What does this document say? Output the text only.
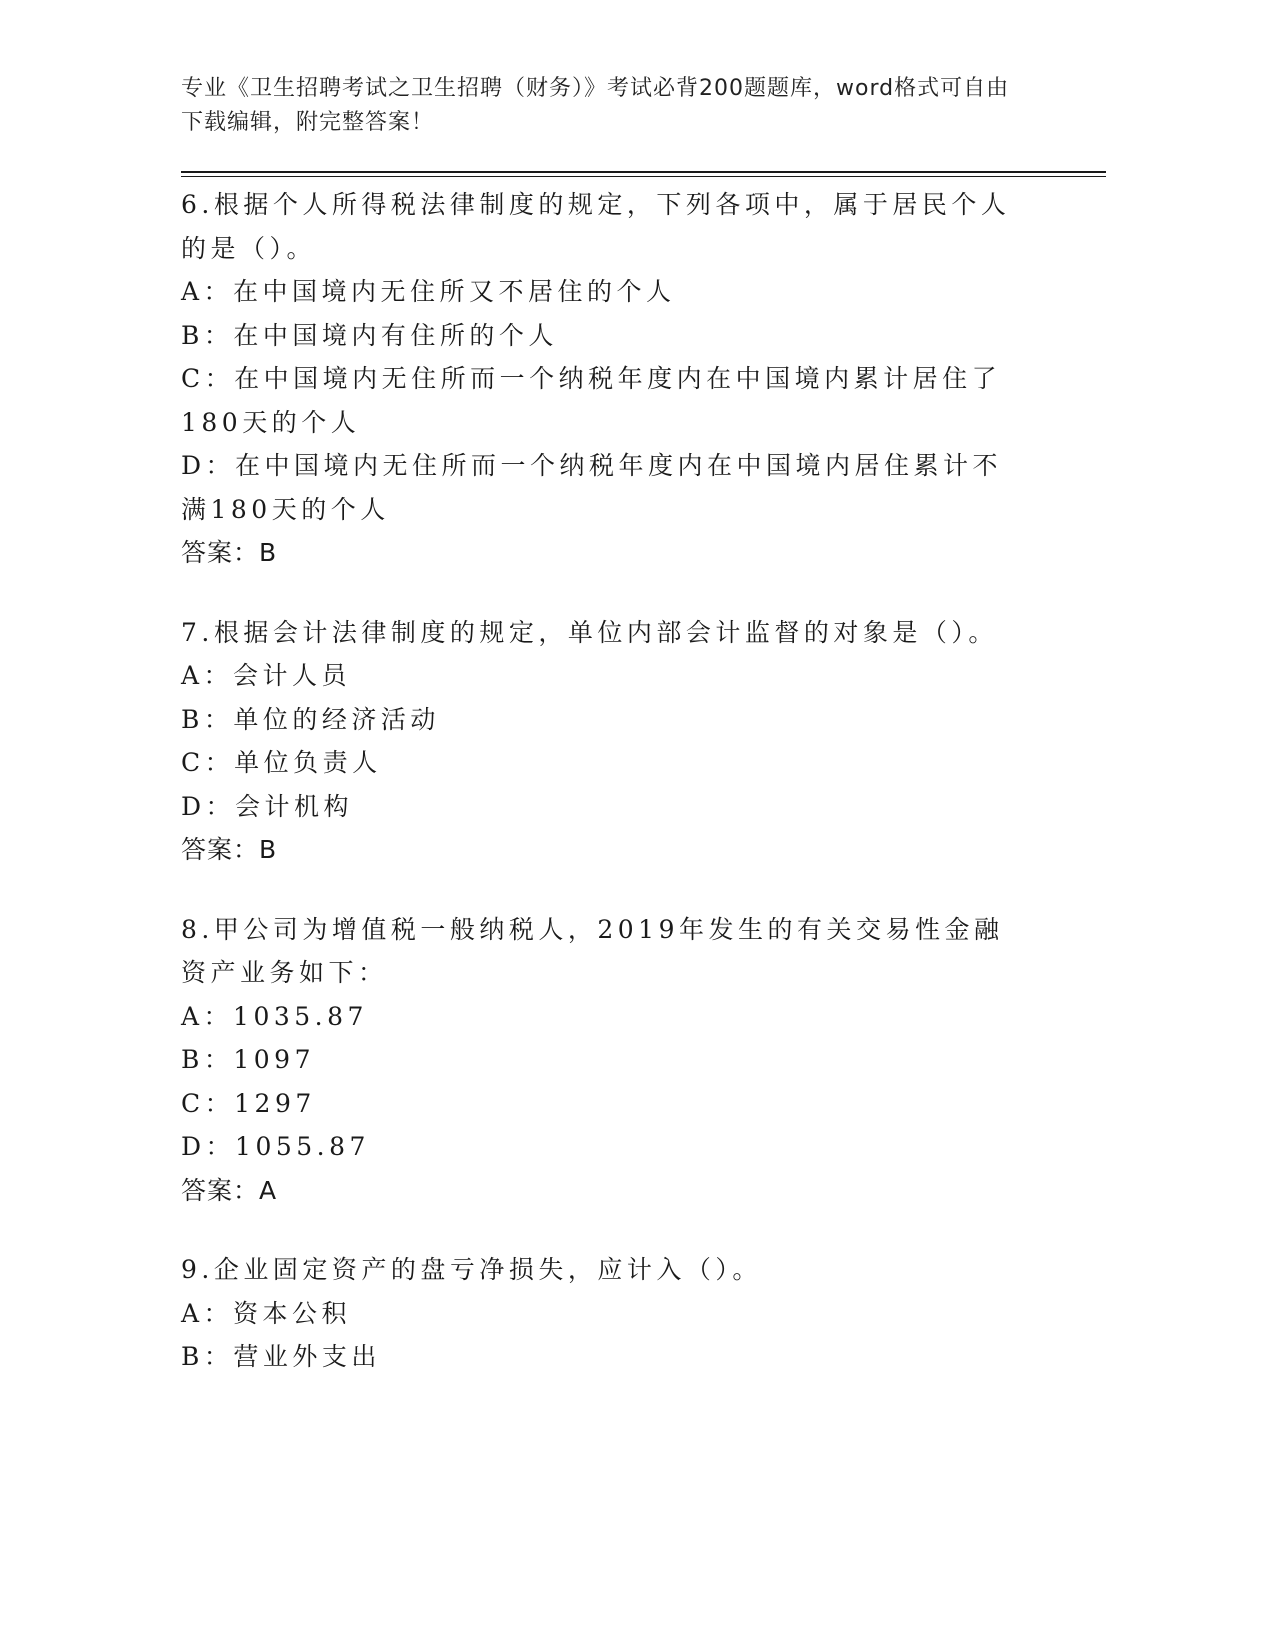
专业《卫生招聘考试之卫生招聘（财务）》考试必背200题题库，word格式可自由下载编辑，附完整答案！

6.根据个人所得税法律制度的规定，下列各项中，属于居民个人的是（）。

A：在中国境内无住所又不居住的个人

B：在中国境内有住所的个人

C：在中国境内无住所而一个纳税年度内在中国境内累计居住了180天的个人

D：在中国境内无住所而一个纳税年度内在中国境内居住累计不满180天的个人

答案：B

7.根据会计法律制度的规定，单位内部会计监督的对象是（）。

A：会计人员

B：单位的经济活动

C：单位负责人

D：会计机构

答案：B

8.甲公司为增值税一般纳税人，2019年发生的有关交易性金融资产业务如下：

A：1035.87

B：1097

C：1297

D：1055.87

答案：A

9.企业固定资产的盘亏净损失，应计入（）。

A：资本公积

B：营业外支出
